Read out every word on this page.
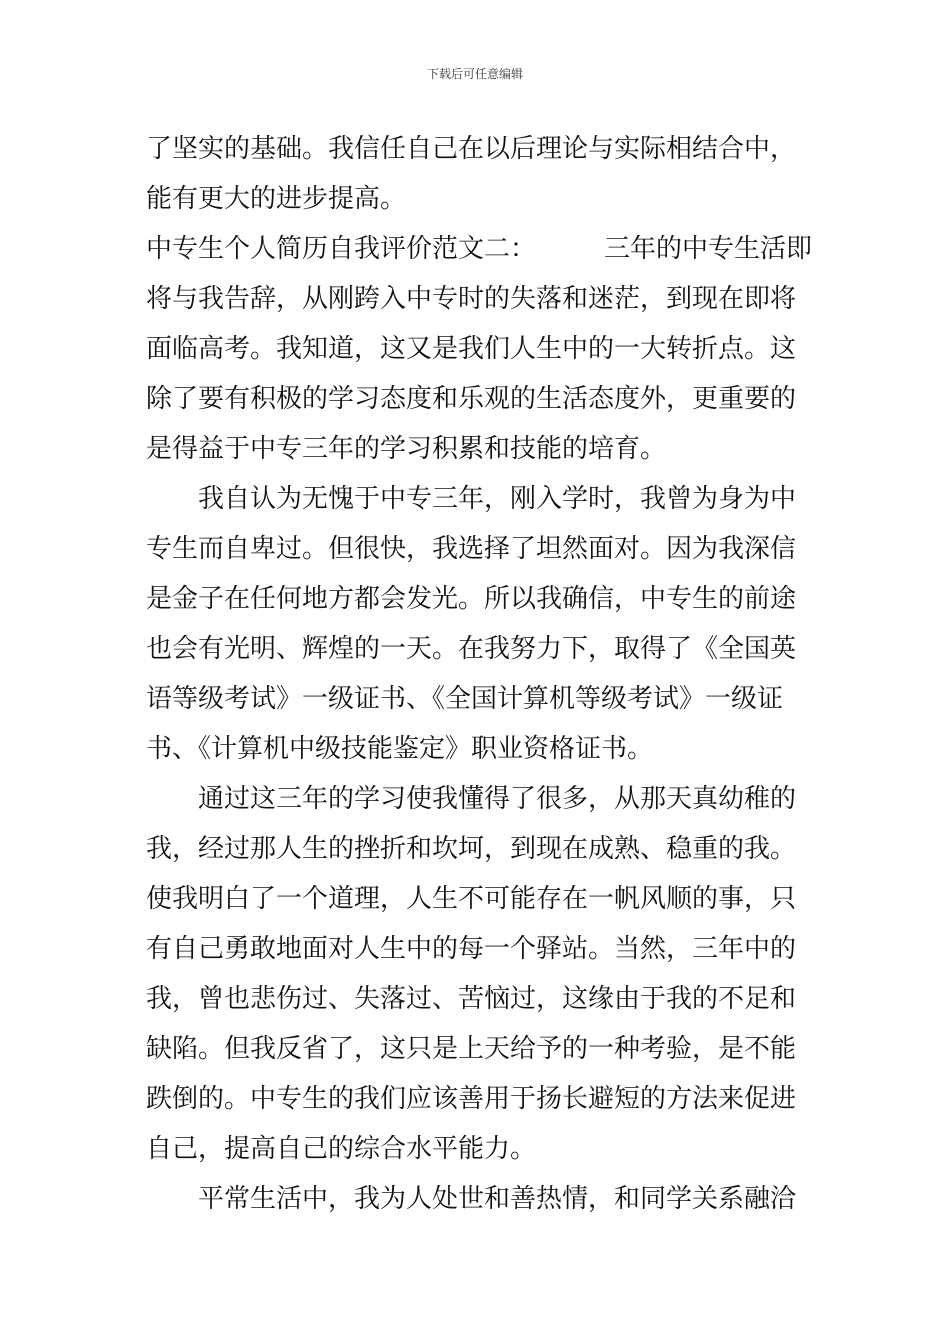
下载后可任意编辑
了坚实的基础。我信任自己在以后理论与实际相结合中，
能有更大的进步提高。
中专生个人简历自我评价范文二：	三年的中专生活即
将与我告辞，从刚跨入中专时的失落和迷茫，到现在即将
面临高考。我知道，这又是我们人生中的一大转折点。这
除了要有积极的学习态度和乐观的生活态度外，更重要的
是得益于中专三年的学习积累和技能的培育。
我自认为无愧于中专三年，刚入学时，我曾为身为中
专生而自卑过。但很快，我选择了坦然面对。因为我深信
是金子在任何地方都会发光。所以我确信，中专生的前途
也会有光明、辉煌的一天。在我努力下，取得了《全国英
语等级考试》一级证书、《全国计算机等级考试》一级证
书、《计算机中级技能鉴定》职业资格证书。
通过这三年的学习使我懂得了很多，从那天真幼稚的
我，经过那人生的挫折和坎坷，到现在成熟、稳重的我。
使我明白了一个道理，人生不可能存在一帆风顺的事，只
有自己勇敢地面对人生中的每一个驿站。当然，三年中的
我，曾也悲伤过、失落过、苦恼过，这缘由于我的不足和
缺陷。但我反省了，这只是上天给予的一种考验，是不能
跌倒的。中专生的我们应该善用于扬长避短的方法来促进
自己，提高自己的综合水平能力。
平常生活中，我为人处世和善热情，和同学关系融洽
